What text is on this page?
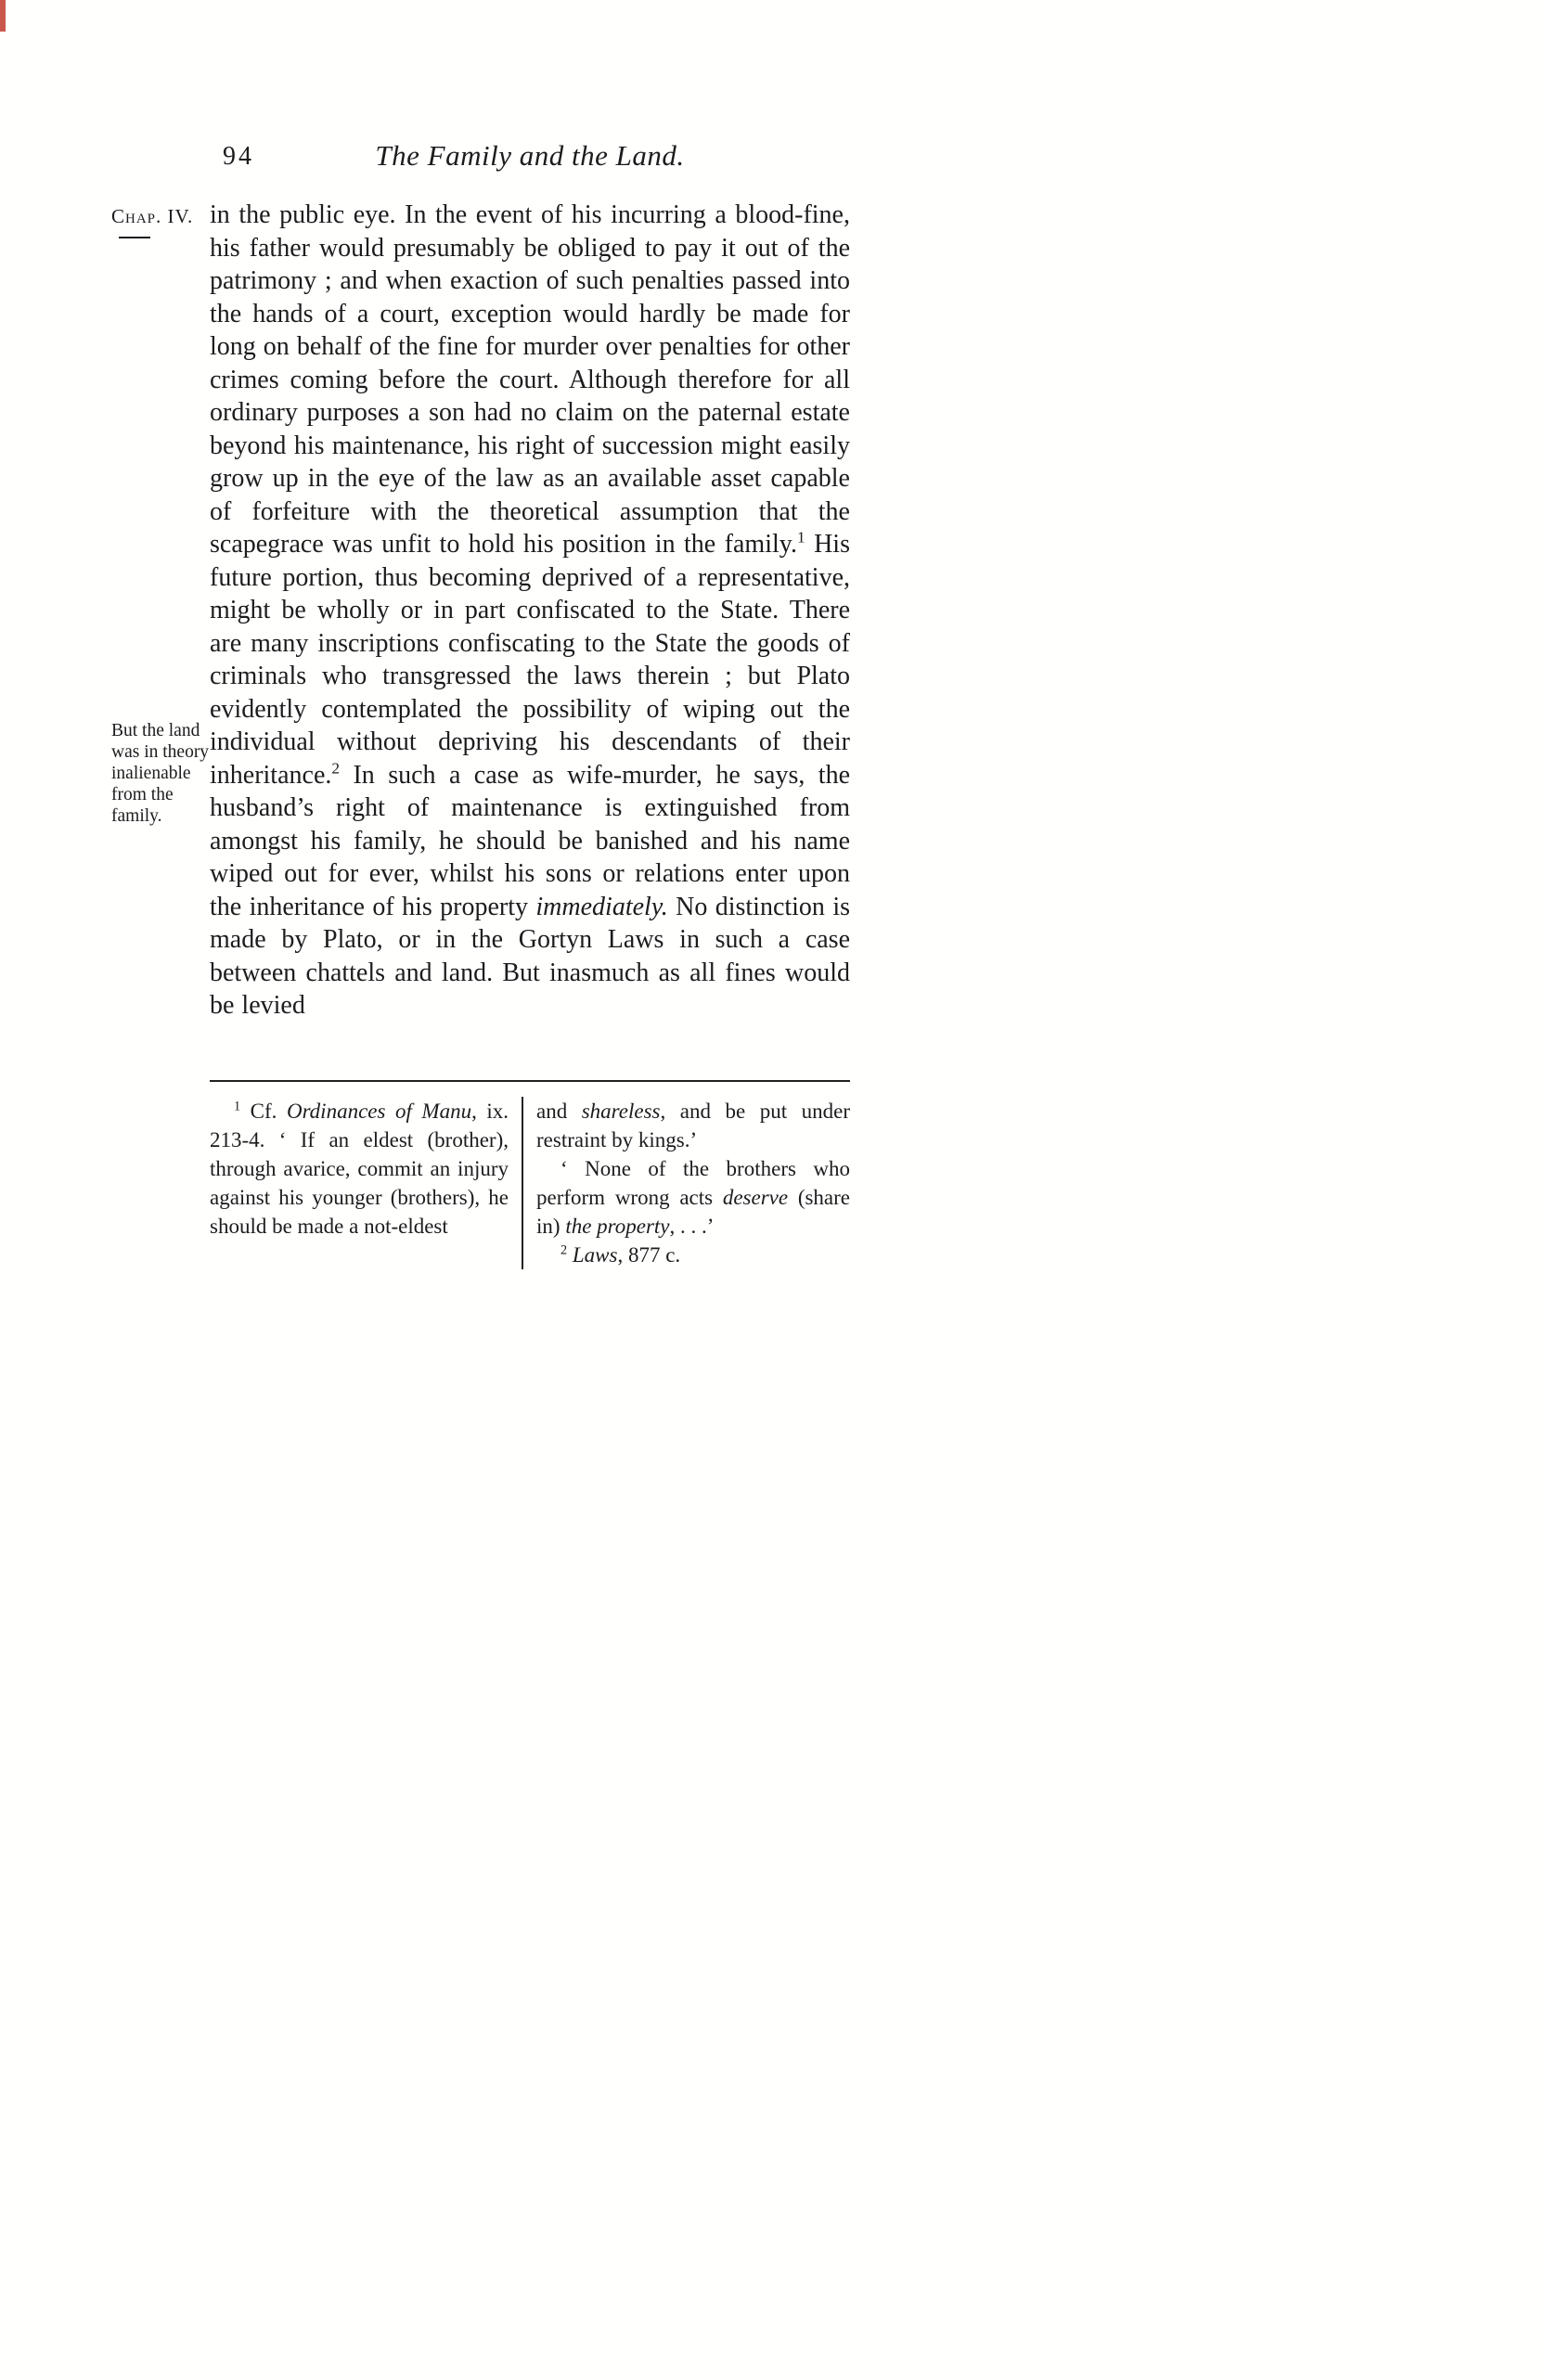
94	The Family and the Land.
Chap. IV.

But the land was in theory inalienable from the family.

in the public eye. In the event of his incurring a blood-fine, his father would presumably be obliged to pay it out of the patrimony ; and when exaction of such penalties passed into the hands of a court, exception would hardly be made for long on behalf of the fine for murder over penalties for other crimes coming before the court. Although therefore for all ordinary purposes a son had no claim on the paternal estate beyond his maintenance, his right of succession might easily grow up in the eye of the law as an available asset capable of forfeiture with the theoretical assumption that the scapegrace was unfit to hold his position in the family.$^1$ His future portion, thus becoming deprived of a representative, might be wholly or in part confiscated to the State. There are many inscriptions confiscating to the State the goods of criminals who transgressed the laws therein ; but Plato evidently contemplated the possibility of wiping out the individual without depriving his descendants of their inheritance.$^2$ In such a case as wife-murder, he says, the husband’s right of maintenance is extinguished from amongst his family, he should be banished and his name wiped out for ever, whilst his sons or relations enter upon the inheritance of his property immediately. No distinction is made by Plato, or in the Gortyn Laws in such a case between chattels and land. But inasmuch as all fines would be levied

$^1$ Cf. Ordinances of Manu, ix. 213-4. ‘ If an eldest (brother), through avarice, commit an injury against his younger (brothers), he should be made a not-eldest

and shareless, and be put under restraint by kings.’

‘ None of the brothers who perform wrong acts deserve (share in) the property, . . .’

$^2$ Laws, 877 c.
